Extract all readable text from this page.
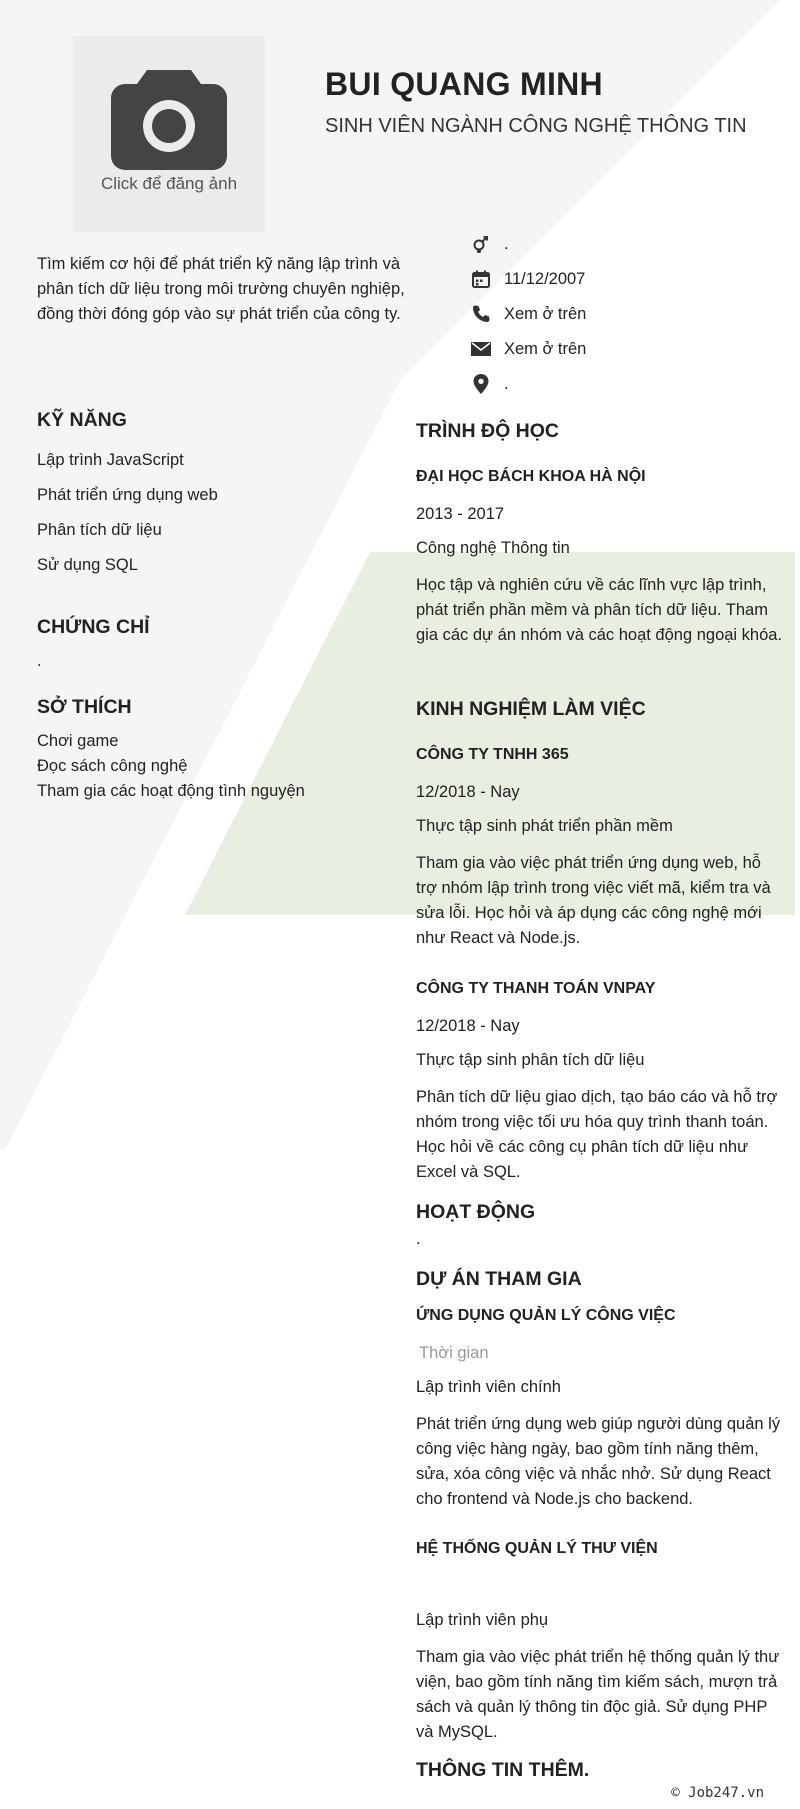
Click để đăng ảnh
BUI QUANG MINH
SINH VIÊN NGÀNH CÔNG NGHỆ THÔNG TIN
Tìm kiếm cơ hội để phát triển kỹ năng lập trình và phân tích dữ liệu trong môi trường chuyên nghiệp, đồng thời đóng góp vào sự phát triển của công ty.
.
11/12/2007
Xem ở trên
Xem ở trên
.
KỸ NĂNG
Lập trình JavaScript
Phát triển ứng dụng web
Phân tích dữ liệu
Sử dụng SQL
CHỨNG CHỈ
.
SỞ THÍCH
Chơi game
Đọc sách công nghệ
Tham gia các hoạt động tình nguyện
TRÌNH ĐỘ HỌC
ĐẠI HỌC BÁCH KHOA HÀ NỘI
2013 - 2017
Công nghệ Thông tin
Học tập và nghiên cứu về các lĩnh vực lập trình, phát triển phần mềm và phân tích dữ liệu. Tham gia các dự án nhóm và các hoạt động ngoại khóa.
KINH NGHIỆM LÀM VIỆC
CÔNG TY TNHH 365
12/2018 - Nay
Thực tập sinh phát triển phần mềm
Tham gia vào việc phát triển ứng dụng web, hỗ trợ nhóm lập trình trong việc viết mã, kiểm tra và sửa lỗi. Học hỏi và áp dụng các công nghệ mới như React và Node.js.
CÔNG TY THANH TOÁN VNPAY
12/2018 - Nay
Thực tập sinh phân tích dữ liệu
Phân tích dữ liệu giao dịch, tạo báo cáo và hỗ trợ nhóm trong việc tối ưu hóa quy trình thanh toán. Học hỏi về các công cụ phân tích dữ liệu như Excel và SQL.
HOẠT ĐỘNG
.
DỰ ÁN THAM GIA
ỨNG DỤNG QUẢN LÝ CÔNG VIỆC
Thời gian
Lập trình viên chính
Phát triển ứng dụng web giúp người dùng quản lý công việc hàng ngày, bao gồm tính năng thêm, sửa, xóa công việc và nhắc nhở. Sử dụng React cho frontend và Node.js cho backend.
HỆ THỐNG QUẢN LÝ THƯ VIỆN
Lập trình viên phụ
Tham gia vào việc phát triển hệ thống quản lý thư viện, bao gồm tính năng tìm kiếm sách, mượn trả sách và quản lý thông tin độc giả. Sử dụng PHP và MySQL.
THÔNG TIN THÊM.
© Job247.vn
